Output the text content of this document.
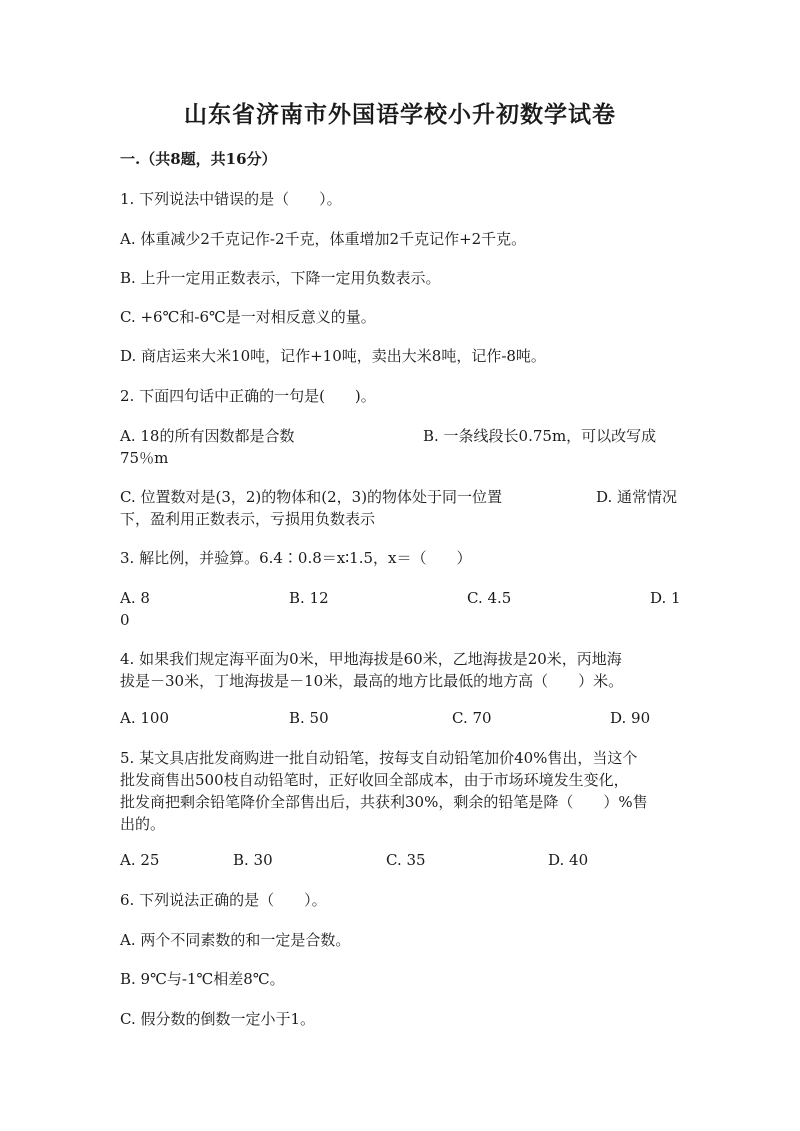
山东省济南市外国语学校小升初数学试卷
一.（共8题，共16分）
1. 下列说法中错误的是（　　）。
A. 体重减少2千克记作-2千克，体重增加2千克记作+2千克。
B. 上升一定用正数表示，下降一定用负数表示。
C. +6℃和-6℃是一对相反意义的量。
D. 商店运来大米10吨，记作+10吨，卖出大米8吨，记作-8吨。
2. 下面四句话中正确的一句是(　　)。
A. 18的所有因数都是合数	B. 一条线段长0.75m，可以改写成
75％m
C. 位置数对是(3，2)的物体和(2，3)的物体处于同一位置	D. 通常情况
下，盈利用正数表示，亏损用负数表示
3. 解比例，并验算。6.4∶0.8＝x∶1.5，x＝（　　）
A. 8	B. 12	C. 4.5	D. 1
0
4. 如果我们规定海平面为0米，甲地海拔是60米，乙地海拔是20米，丙地海
拔是－30米，丁地海拔是－10米，最高的地方比最低的地方高（　　）米。
A. 100	B. 50	C. 70	D. 90
5. 某文具店批发商购进一批自动铅笔，按每支自动铅笔加价40%售出，当这个
批发商售出500枝自动铅笔时，正好收回全部成本，由于市场环境发生变化，
批发商把剩余铅笔降价全部售出后，共获利30%，剩余的铅笔是降（　　）%售
出的。
A. 25	B. 30	C. 35	D. 40
6. 下列说法正确的是（　　）。
A. 两个不同素数的和一定是合数。
B. 9℃与-1℃相差8℃。
C. 假分数的倒数一定小于1。
